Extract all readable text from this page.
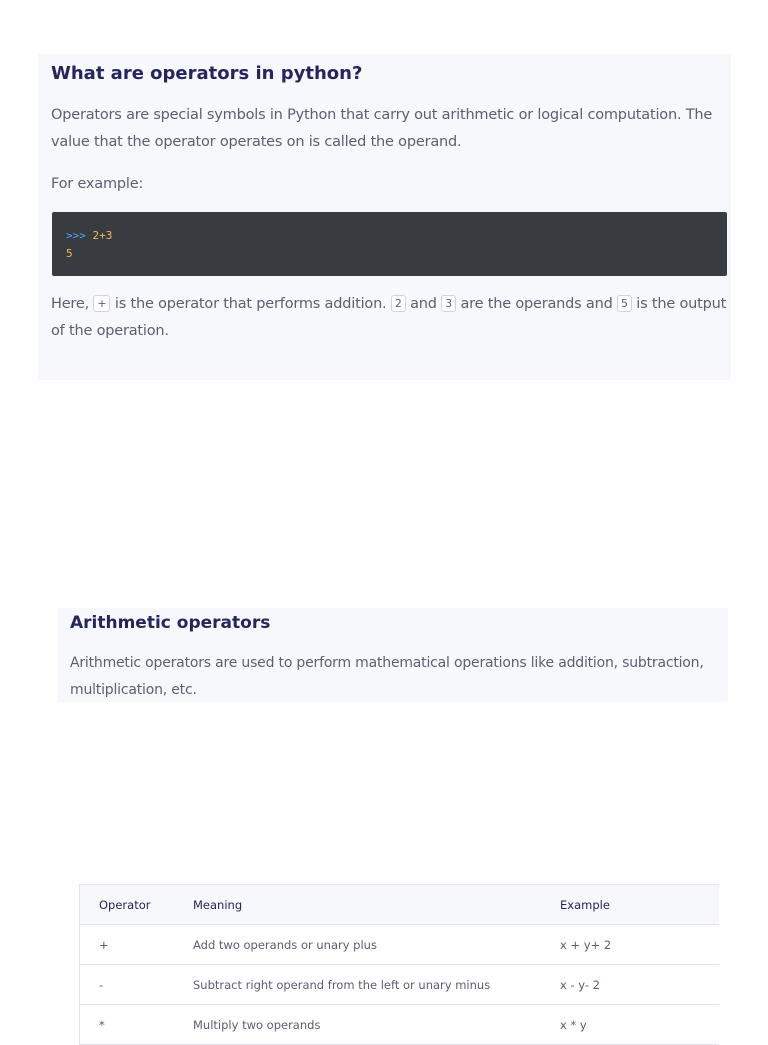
What are operators in python?

Operators are special symbols in Python that carry out arithmetic or logical computation. The value that the operator operates on is called the operand.

For example:

>>> 2+3
5

Here, + is the operator that performs addition. 2 and 3 are the operands and 5 is the output of the operation.

Arithmetic operators

Arithmetic operators are used to perform mathematical operations like addition, subtraction, multiplication, etc.

Operator	Meaning	Example
+	Add two operands or unary plus	x + y+ 2
-	Subtract right operand from the left or unary minus	x - y- 2
*	Multiply two operands	x * y
